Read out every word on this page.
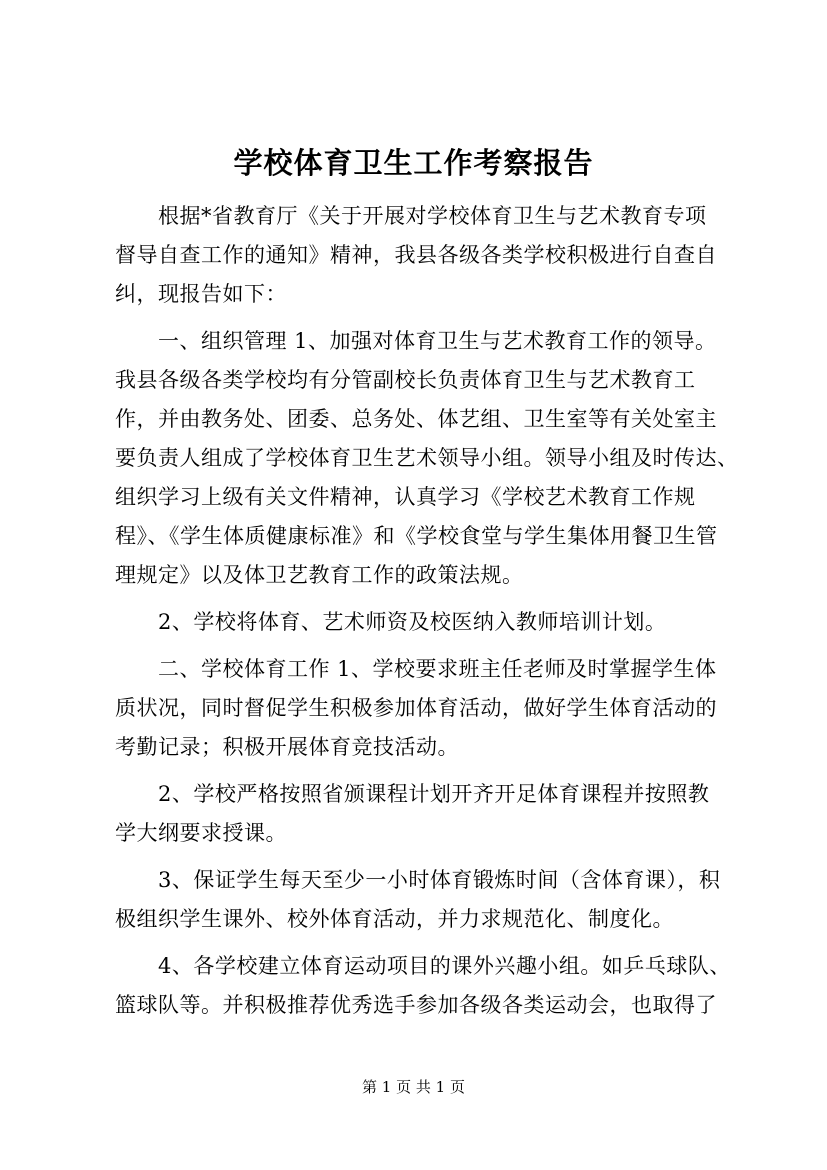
学校体育卫生工作考察报告
　　根据*省教育厅《关于开展对学校体育卫生与艺术教育专项
督导自查工作的通知》精神，我县各级各类学校积极进行自查自
纠，现报告如下：
　　一、组织管理 1、加强对体育卫生与艺术教育工作的领导。
我县各级各类学校均有分管副校长负责体育卫生与艺术教育工
作，并由教务处、团委、总务处、体艺组、卫生室等有关处室主
要负责人组成了学校体育卫生艺术领导小组。领导小组及时传达、
组织学习上级有关文件精神，认真学习《学校艺术教育工作规
程》、《学生体质健康标准》和《学校食堂与学生集体用餐卫生管
理规定》以及体卫艺教育工作的政策法规。
　　2、学校将体育、艺术师资及校医纳入教师培训计划。
　　二、学校体育工作 1、学校要求班主任老师及时掌握学生体
质状况，同时督促学生积极参加体育活动，做好学生体育活动的
考勤记录；积极开展体育竞技活动。
　　2、学校严格按照省颁课程计划开齐开足体育课程并按照教
学大纲要求授课。
　　3、保证学生每天至少一小时体育锻炼时间（含体育课），积
极组织学生课外、校外体育活动，并力求规范化、制度化。
　　4、各学校建立体育运动项目的课外兴趣小组。如乒乓球队、
篮球队等。并积极推荐优秀选手参加各级各类运动会，也取得了
第 1 页 共 1 页
